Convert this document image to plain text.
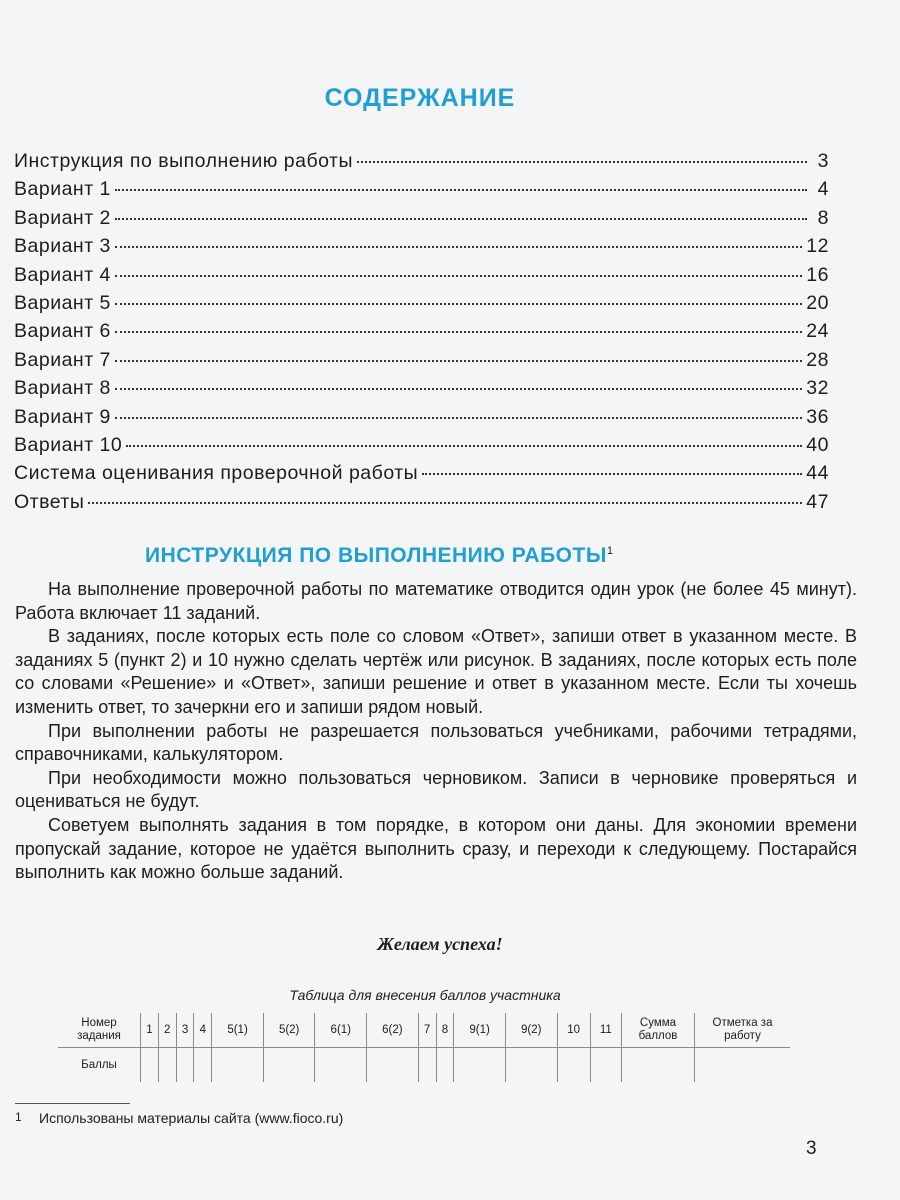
СОДЕРЖАНИЕ
Инструкция по выполнению работы	3
Вариант 1	4
Вариант 2	8
Вариант 3	12
Вариант 4	16
Вариант 5	20
Вариант 6	24
Вариант 7	28
Вариант 8	32
Вариант 9	36
Вариант 10	40
Система оценивания проверочной работы	44
Ответы	47
ИНСТРУКЦИЯ ПО ВЫПОЛНЕНИЮ РАБОТЫ$^1$

На выполнение проверочной работы по математике отводится один урок (не более 45 минут). Работа включает 11 заданий.

В заданиях, после которых есть поле со словом «Ответ», запиши ответ в указанном месте. В заданиях 5 (пункт 2) и 10 нужно сделать чертёж или рисунок. В заданиях, после которых есть поле со словами «Решение» и «Ответ», запиши решение и ответ в указанном месте. Если ты хочешь изменить ответ, то зачеркни его и запиши рядом новый.

При выполнении работы не разрешается пользоваться учебниками, рабочими тетрадями, справочниками, калькулятором.

При необходимости можно пользоваться черновиком. Записи в черновике проверяться и оцениваться не будут.

Советуем выполнять задания в том порядке, в котором они даны. Для экономии времени пропускай задание, которое не удаётся выполнить сразу, и переходи к следующему. Постарайся выполнить как можно больше заданий.

Желаем успеха!
Таблица для внесения баллов участника
Номер задания	1	2	3	4	5(1)	5(2)	6(1)	6(2)	7	8	9(1)	9(2)	10	11	Сумма баллов	Отметка за работу
Баллы																
1 Использованы материалы сайта (www.fioco.ru)
3
